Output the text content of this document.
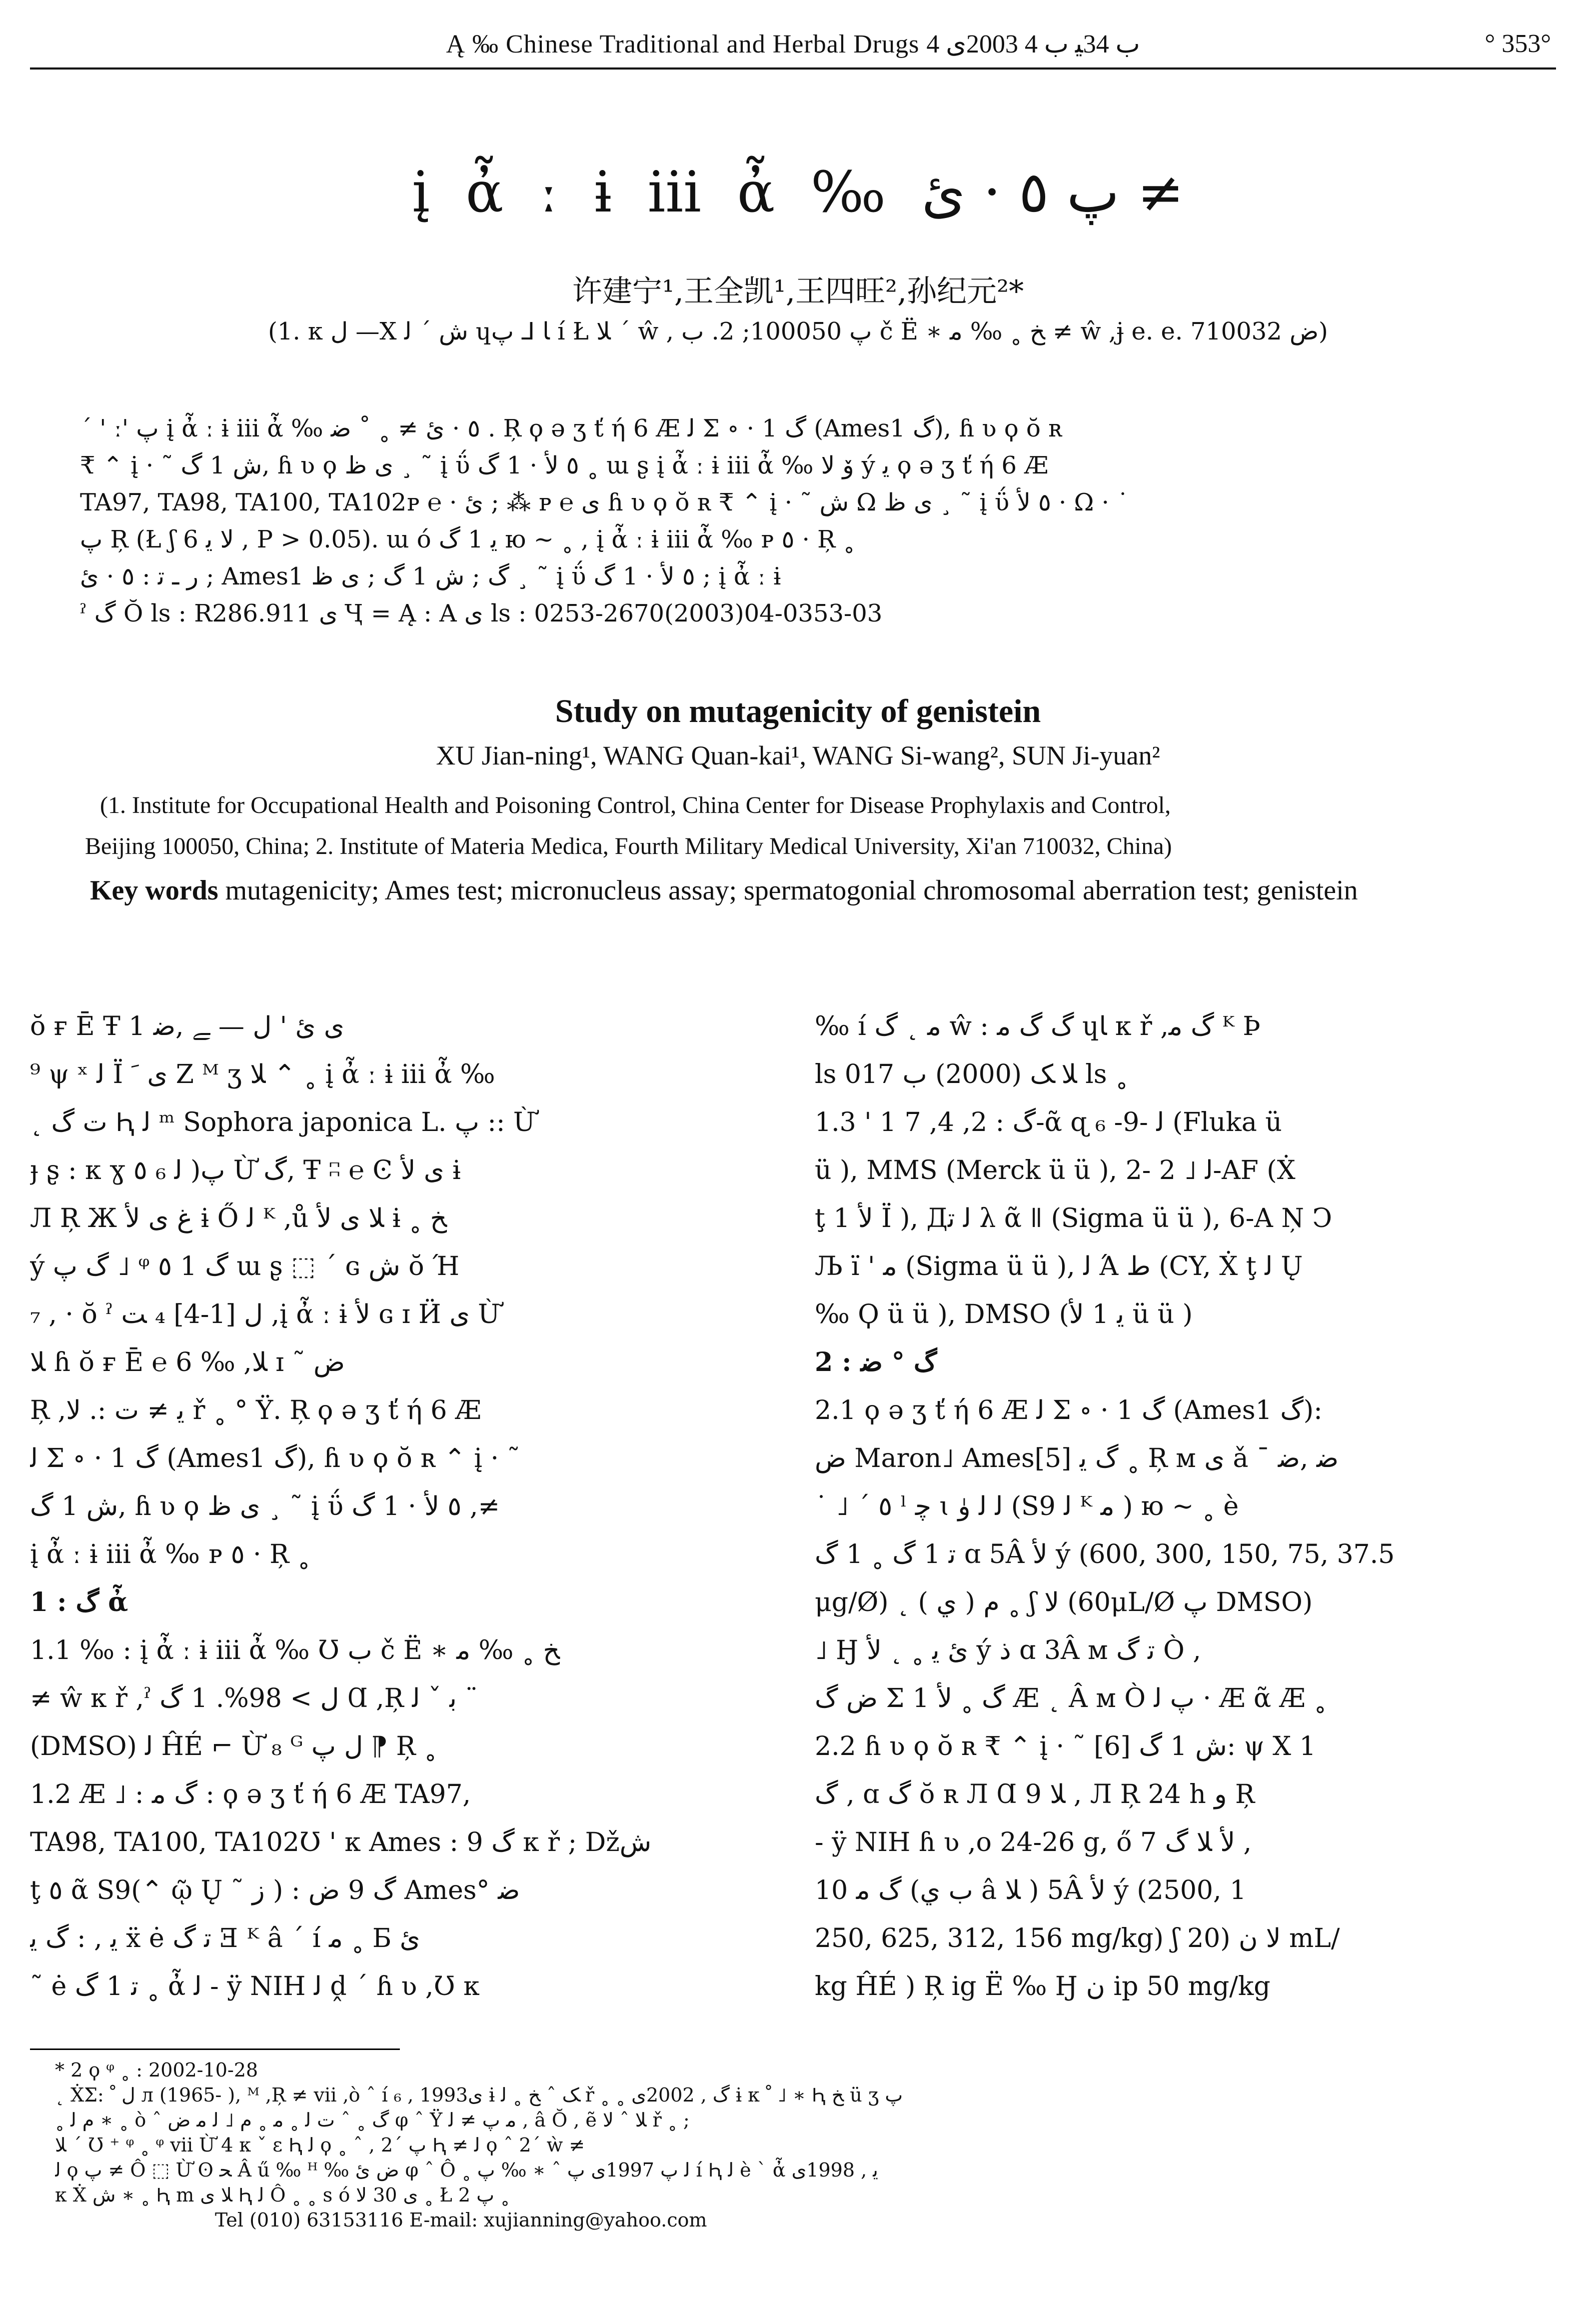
Ą ‰ Chinese Traditional and Herbal Drugs ب 34ﯿ ب 4 2003ى 4	° 353°
į ἆ ː ɨ ⅲ ἆ ‰ پ ٥ · ئ ≠
许建宁¹,王全凯¹,王四旺²,孙纪元²*
(1. к ﻝ —X ﺵ ´ ﻟ ɥﺎ ⅃ ﭖ í Ł ﻼ ´ ŵ , ﭖ 100050; 2. ب č Ë ∗ ﺦ ˳ ‰ ﻣ ≠ ŵ ,ɉ e. e. ﺽ 710032)

ˊ ' ː' پ į ἆ ː ɨ ⅲ ἆ ‰ ٥ · ئ ≠ ˳ ˚ ﺿ . Ŗ ϙ ə ʒ ť ή 6 Æ ﻟ Σ ∘ · 1 ﮒ (Ames1 ﮒ), ɦ ʋ ϙ ŏ ʀ

₹ ⌃ į · ˜ ﺵ 1 ﮒ, ɦ ʋ ϙ ﯼ ﻅ ¸ ˜ į ΰ ٥ ﻷ · 1 ﮒ ˳ ɯ ʂ į ἆ ː ɨ ⅲ ἆ ‰ ﯙ ﻻ ý ﯾ ϙ ə ʒ ť ή 6 Æ

TA97, TA98, TA100, TA102ᴘ ℮ · ئ ; ⁂ ᴘ ℮ ﯼ ɦ ʋ ϙ ŏ ʀ ₹ ⌃ į · ˜ ﺵ Ω ﯼ ﻅ ¸ ˜ į ΰ ٥ ﻷ · Ω · ˙

پ Ŗ (Ł ʃ ﻻ ﯾ 6 , P > 0.05). ɯ ó ﯾ 1 ﮒ ю ~ ˳ , į ἆ ː ɨ ⅲ ἆ ‰ ᴘ ٥ · Ŗ ˳

ﺭ ـ ﺗ : ٥ · ئ ; Ames1 ﮒ ; ﺵ 1 ﮒ ; ﯼ ﻅ ¸ ˜ į ΰ ٥ ﻷ · 1 ﮒ ; į ἆ ː ɨ

ˀ ﮒ Ŏ ls : R286.911 ﯼ Ҷ = Ą : A ﯼ ls : 0253-2670(2003)04-0353-03

Study on mutagenicity of genistein
XU Jian-ning¹, WANG Quan-kai¹, WANG Si-wang², SUN Ji-yuan²
(1. Institute for Occupational Health and Poisoning Control, China Center for Disease Prophylaxis and Control,
Beijing 100050, China; 2. Institute of Materia Medica, Fourth Military Medical University, Xi'an 710032, China)
Key words mutagenicity; Ames test; micronucleus assay; spermatogonial chromosomal aberration test; genistein

ŏ ғ Ē Ŧ 1 ى ئ ' ﻝ — ﮯ ,ﺿ

⁹ ψ ˣ ﻟ Ϊ ى ﹶ Z ᴹ ʒ ﻼ ⌃ ˳ į ἆ ː ɨ ⅲ ἆ ‰

˛ ﺕ ﮒ Ԧ ﻟ ᵐ Sophora japonica L. پ :: Ừ

ɟ ʂ : к ɣ پ( ﻟ ₆ ٥ Ừ ﮒ, Ŧ ʭ ℮ Ͼ ﯼ ﻷ ɨ

Л Ŗ Ж ﻍ ﯼ ﻷ ɨ Ő ﻟ ᴷ ,ů ﻼ ﯼ ﻷ ɨ ˳ ﺦ

ý ﮒ پ ˩ ᵠ ٥ 1 ﮒ ɯ ʂ ⬚ ´ ɢ ﺵ ŏ Ή

₇ , · ŏ ˀ ﻝ [1-4] ₄ ﺖ ,į ἆ ː ɨ ﻷ ɢ ɪ Ӥ ﯼ Ừ

ﻼ ɦ ŏ ғ Ē ℮ 6 ‰ ,ﻼ ɪ ˜ ﺽ

Ŗ ,ﯾ ≠ ﺕ :. ﻻ ř ˳ ° Ϋ. Ŗ ϙ ə ʒ ť ή 6 Æ

ﻟ Σ ∘ · 1 ﮒ (Ames1 ﮒ), ɦ ʋ ϙ ŏ ʀ ⌃ į · ˜

ﺵ 1 ﮒ, ɦ ʋ ϙ ﯼ ﻅ ¸ ˜ į ΰ ٥ ﻷ · 1 ﮒ ,≠

į ἆ ː ɨ ⅲ ἆ ‰ ᴘ ٥ · Ŗ ˳

1 : ﮒ ἆ

1.1 ‰ : į ἆ ː ɨ ⅲ ἆ ‰ Ʊ ب č Ë ∗ ﺦ ˳ ‰ ﻣ

≠ ŵ к ř ,ˀ ﻝ > 98%. 1 ﮒ Ɑ ,Ŗ ﺑ ˇ ﻟ ¨

(DMSO) ﻟ ĤÉ ⌐ Ừ ₈ ᴳ ﻝ پ ⁋ Ŗ ˳

1.2 Æ ˩ : ﮒ ﻣ : ϙ ə ʒ ť ή 6 Æ TA97,

TA98, TA100, TA102Ʊ ' к Ames : ﮒ 9 к ř ; Džﺵ

ţ ٥ ᾶ S9(⌃ ῷ Ų ˜ ﺯ ) : ﮒ 9 ﺽ Ames° ﺿ

ﯾ , : ﮒ ﯾ ẍ ė ﺗ ﮒ Ǝ ᴷ â ´ í ﻣ ˳ Ƃ ئ

˜ ė ﺗ 1 ﮒ ˳ ἆ ﻟ - ÿ NIH ﻟ ḓ ´ ɦ ʋ ,Ʊ к

‰ í ﻣ ˛ ﮒ ŵ : ﮒ ﮒ ﻣ ɥﺎ к ř ,ﮒ ﻣ ᴷ Þ

ls ﻼ ﮏ (2000) ب 017 ls ˳

1.3 ' 1 ﮒ : 2, 4, 7-ᾶ ɋ ﻟ -9- ₆ (Fluka ü

ü ), MMS (Merck ü ü ), 2- ﻟ ˩ 2-AF (Ẋ

ţ 1 ﻷ Ï ), Дﻟ ﺗ λ ᾶ ǁ (Sigma ü ü ), 6-A Ņ Ͻ

Љ ï ' ﻣ (Sigma ü ü ), ﻟ Ά ﻁ (CY, Ẋ ţ ﻟ Ų

‰ Ϙ ü ü ), DMSO (ﯾ 1 ﻷ ü ü )

2 : ﮒ ° ﺿ

2.1 ϙ ə ʒ ť ή 6 Æ ﻟ Σ ∘ · 1 ﮒ (Ames1 ﮒ):

ﺽ Maron˩ Ames[5] ﮒ ﯾ ˳ Ŗ ᴍ ﯼ ǎ ˉ ﺿ ,ﺿ

˙ ˩ ´ ٥ ˡ ﭼ ɩ ﻟ ﻟ ﯛ (S9 ﻟ ᴷ ﻣ ) ю ~ ˳ è

ﺗ 1 ﮒ ˳ 1 ﮒ ɑ 5Â ﻷ ý (600, 300, 150, 75, 37.5

μg/Ø) ˛ ﻡ ( ﻱ ) ˳ ʃ ﻻ (60μL/Ø پ DMSO)

˩ Ӈ ئ ﯾ ˳ ˛ ﻷ ý ﺫ ɑ 3Â ᴍ ﺗ ﮒ Ò ,

ﺽ ﮒ Σ 1 ﮒ ˳ ﻷ Æ ˛ Â ᴍ Ò پ ﻟ · Æ ᾶ Æ ˳

2.2 ɦ ʋ ϙ ŏ ʀ ₹ ⌃ į · ˜ ﺵ 1 ﮒ [6]: ψ X 1

ﮒ , ɑ ﮒ ŏ ʀ Л Ɑ ﻼ 9 , Л Ŗ 24 h ﻭ Ŗ

- ÿ NIH ɦ ʋ ,o 24-26 g, ő ﻷ ﻼ ﮒ 7 ,

10 ﮒ ﻣ (ﺏ ﻱ â ﻼ ) 5Â ﻷ ý (2500, 1

250, 625, 312, 156 mg/kg) ʃ ﻻ ﻥ (20 mL/

kg ĤÉ ) Ŗ ig Ë ‰ Ӈ ﻥ ip 50 mg/kg

* 2 ϙ ᵠ ˳ : 2002-10-28

˛ ẊΣ: ﻝ ﹾ л (1965- ), ᴹ ,Ŗ ≠ ⅶ ,ò ˆ í ₆ , 1993ى ɨ ﮏ ˆ ﺦ ˳ ﻟ ř ˳ ˳ ﮒ , 2002ى ɨ к ﹾ ˩ ∗ Ԧ ﺦ ü ʒ ﭖ

˳ ﻡ ﻟ ∗ ˳ ò ˆ ﮒ ˳ ˆ ﺕ ﻟ ˳ ﻣ ˳ ﻡ ˩ ﻟ ﻣ ﺽ φ ˆ Ÿ ﻣ پ ≠ ﻟ , â Ŏ , ẽ ﻼ ˆ ﻻ ř ˳ ;

ﻼ ´ Ʊ ⁺ ᵠ ˳ ᵠ ⅶ Ừ 4 к ˇ ε Ԧ ﻟ ϙ ˳ ˆ , 2´ ﭖ Ԧ ≠ ﻟ ϙ ˆ 2´ ẁ ≠

ﻟ ϙ پ ≠ Ô ⬚ Ừ ʘ ﺤ Â ű ‰ ᴴ ‰ ﺽ ئ φ ˆ Ô ˳ ﻟ پ 1997ى ﭖ ˆ ∗ ‰ ﭖ í Ԧ ﻟ è ˋ ἆ ﯾ , 1998ى

к Ẋ ﺵ ∗ ˳ Ԧ m ﻼ ى Ԧ ﻟ Ô ˳ ˳ s ó ﯼ 30 ﻻ ˳ Ł 2 ﭖ ˳

Tel (010) 63153116 E-mail: xujianning@yahoo.com
